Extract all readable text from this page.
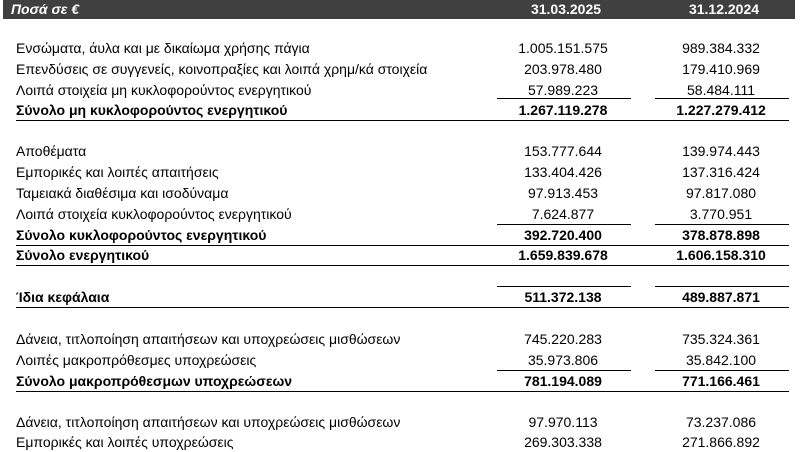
Ποσά σε €	31.03.2025	31.12.2024
Ενσώματα, άυλα και με δικαίωμα χρήσης πάγια	1.005.151.575	989.384.332
Επενδύσεις σε συγγενείς, κοινοπραξίες και λοιπά χρημ/κά στοιχεία	203.978.480	179.410.969
Λοιπά στοιχεία μη κυκλοφορούντος ενεργητικού	57.989.223	58.484.111
Σύνολο μη κυκλοφορούντος ενεργητικού	1.267.119.278	1.227.279.412
Αποθέματα	153.777.644	139.974.443
Εμπορικές και λοιπές απαιτήσεις	133.404.426	137.316.424
Ταμειακά διαθέσιμα και ισοδύναμα	97.913.453	97.817.080
Λοιπά στοιχεία κυκλοφορούντος ενεργητικού	7.624.877	3.770.951
Σύνολο κυκλοφορούντος ενεργητικού	392.720.400	378.878.898
Σύνολο ενεργητικού	1.659.839.678	1.606.158.310
Ίδια κεφάλαια	511.372.138	489.887.871
Δάνεια, τιτλοποίηση απαιτήσεων και υποχρεώσεις μισθώσεων	745.220.283	735.324.361
Λοιπές μακροπρόθεσμες υποχρεώσεις	35.973.806	35.842.100
Σύνολο μακροπρόθεσμων υποχρεώσεων	781.194.089	771.166.461
Δάνεια, τιτλοποίηση απαιτήσεων και υποχρεώσεις μισθώσεων	97.970.113	73.237.086
Εμπορικές και λοιπές υποχρεώσεις	269.303.338	271.866.892
